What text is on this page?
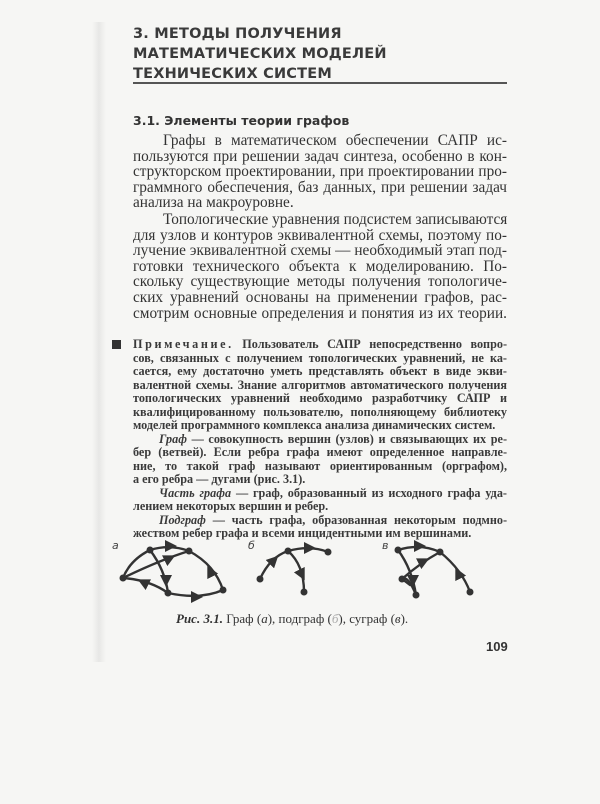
3. МЕТОДЫ ПОЛУЧЕНИЯ
МАТЕМАТИЧЕСКИХ МОДЕЛЕЙ
ТЕХНИЧЕСКИХ СИСТЕМ
3.1. Элементы теории графов
Графы в математическом обеспечении САПР ис-
пользуются при решении задач синтеза, особенно в кон-
структорском проектировании, при проектировании про-
граммного обеспечения, баз данных, при решении задач
анализа на макроуровне.
Топологические уравнения подсистем записываются
для узлов и контуров эквивалентной схемы, поэтому по-
лучение эквивалентной схемы — необходимый этап под-
готовки технического объекта к моделированию. По-
скольку существующие методы получения топологиче-
ских уравнений основаны на применении графов, рас-
смотрим основные определения и понятия из их теории.
Примечание. Пользователь САПР непосредственно вопро-
сов, связанных с получением топологических уравнений, не ка-
сается, ему достаточно уметь представлять объект в виде экви-
валентной схемы. Знание алгоритмов автоматического получения
топологических уравнений необходимо разработчику САПР и
квалифицированному пользователю, пополняющему библиотеку
моделей программного комплекса анализа динамических систем.
Граф — совокупность вершин (узлов) и связывающих их ре-
бер (ветвей). Если ребра графа имеют определенное направле-
ние, то такой граф называют ориентированным (орграфом),
а его ребра — дугами (рис. 3.1).
Часть графа — граф, образованный из исходного графа уда-
лением некоторых вершин и ребер.
Подграф — часть графа, образованная некоторым подмно-
жеством ребер графа и всеми инцидентными им вершинами.
а	б	в
Рис. 3.1. Граф (а), подграф (б), суграф (в).
109
